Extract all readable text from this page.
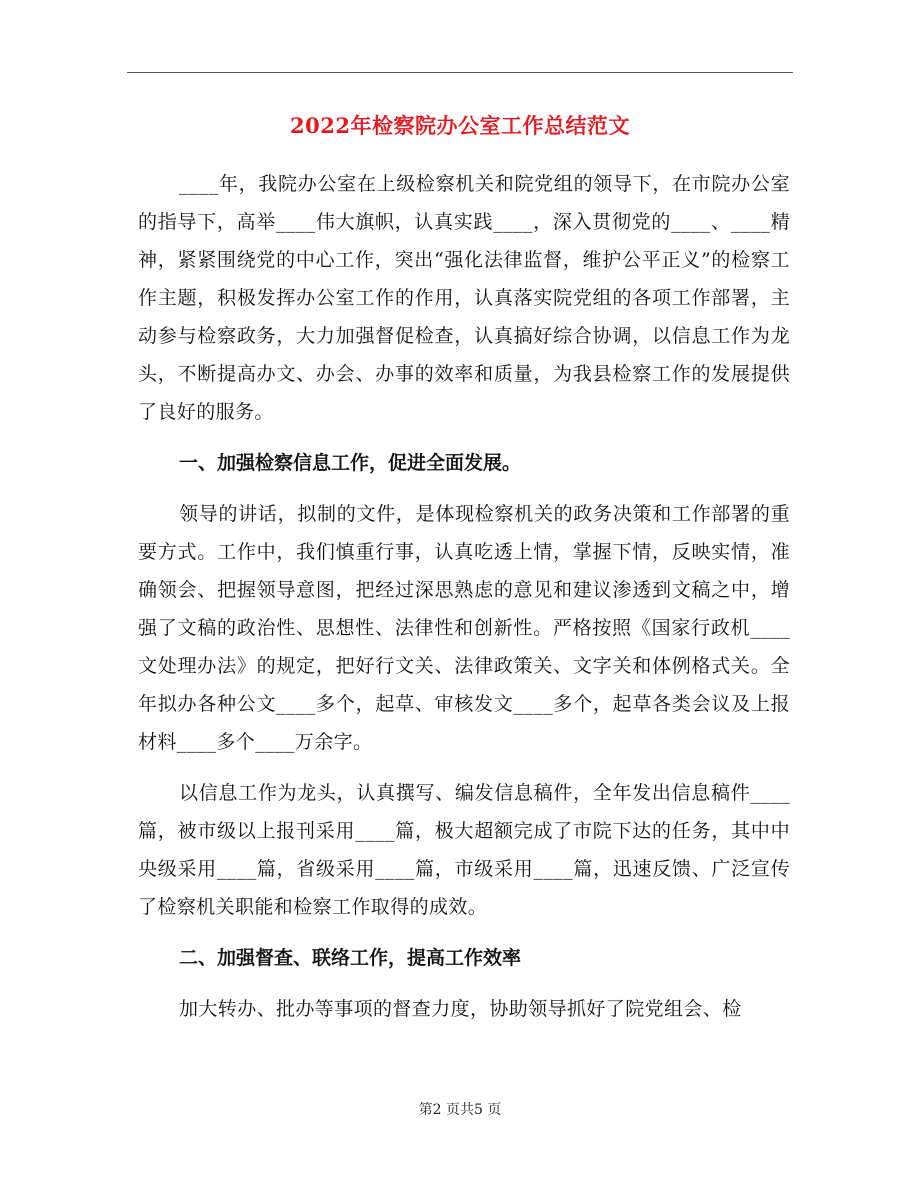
2022年检察院办公室工作总结范文

____年，我院办公室在上级检察机关和院党组的领导下，在市院办公室的指导下，高举____伟大旗帜，认真实践____，深入贯彻党的____、____精神，紧紧围绕党的中心工作，突出“强化法律监督，维护公平正义”的检察工作主题，积极发挥办公室工作的作用，认真落实院党组的各项工作部署，主动参与检察政务，大力加强督促检查，认真搞好综合协调，以信息工作为龙头，不断提高办文、办会、办事的效率和质量，为我县检察工作的发展提供了良好的服务。

一、加强检察信息工作，促进全面发展。

领导的讲话，拟制的文件，是体现检察机关的政务决策和工作部署的重要方式。工作中，我们慎重行事，认真吃透上情，掌握下情，反映实情，准确领会、把握领导意图，把经过深思熟虑的意见和建议渗透到文稿之中，增强了文稿的政治性、思想性、法律性和创新性。严格按照《国家行政机____文处理办法》的规定，把好行文关、法律政策关、文字关和体例格式关。全年拟办各种公文____多个，起草、审核发文____多个，起草各类会议及上报材料____多个____万余字。

以信息工作为龙头，认真撰写、编发信息稿件，全年发出信息稿件____篇，被市级以上报刊采用____篇，极大超额完成了市院下达的任务，其中中央级采用____篇，省级采用____篇，市级采用____篇，迅速反馈、广泛宣传了检察机关职能和检察工作取得的成效。

二、加强督查、联络工作，提高工作效率

加大转办、批办等事项的督查力度，协助领导抓好了院党组会、检

第2 页共5 页
